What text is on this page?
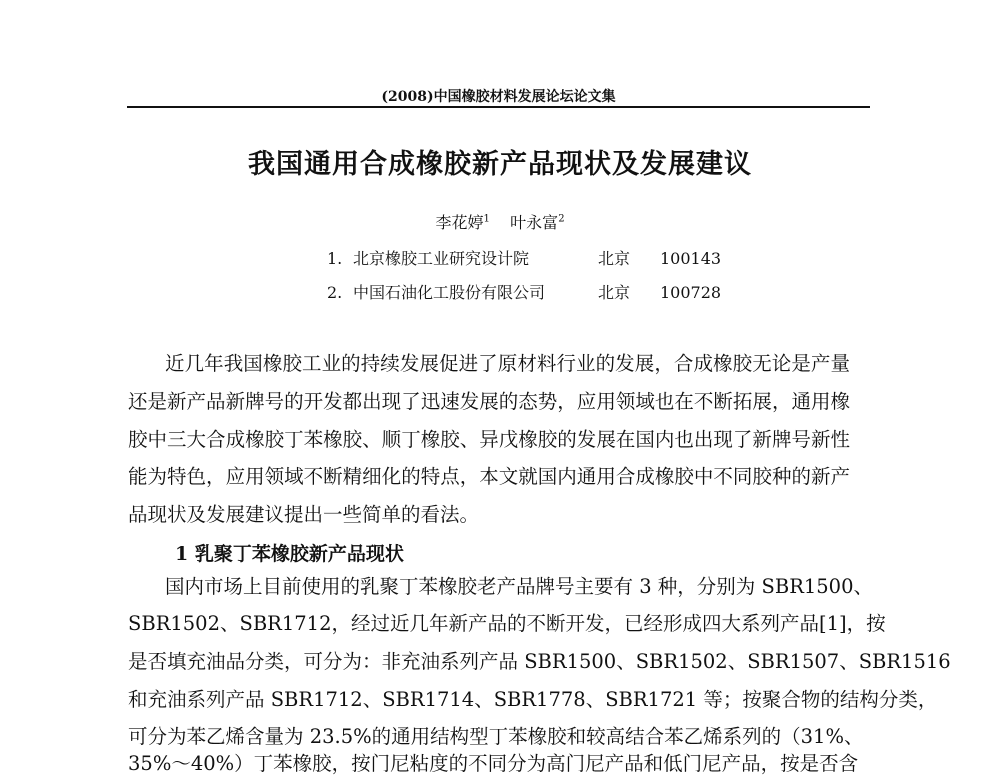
(2008)中国橡胶材料发展论坛论文集
我国通用合成橡胶新产品现状及发展建议
李花婷$^1$ 叶永富$^2$
1. 北京橡胶工业研究设计院	北京 100143
2. 中国石油化工股份有限公司	北京 100728
近几年我国橡胶工业的持续发展促进了原材料行业的发展，合成橡胶无论是产量
还是新产品新牌号的开发都出现了迅速发展的态势，应用领域也在不断拓展，通用橡
胶中三大合成橡胶丁苯橡胶、顺丁橡胶、异戊橡胶的发展在国内也出现了新牌号新性
能为特色，应用领域不断精细化的特点，本文就国内通用合成橡胶中不同胶种的新产
品现状及发展建议提出一些简单的看法。
1 乳聚丁苯橡胶新产品现状
国内市场上目前使用的乳聚丁苯橡胶老产品牌号主要有 3 种，分别为 SBR1500、
SBR1502、SBR1712，经过近几年新产品的不断开发，已经形成四大系列产品[1]，按
是否填充油品分类，可分为：非充油系列产品 SBR1500、SBR1502、SBR1507、SBR1516
和充油系列产品 SBR1712、SBR1714、SBR1778、SBR1721 等；按聚合物的结构分类，
可分为苯乙烯含量为 23.5%的通用结构型丁苯橡胶和较高结合苯乙烯系列的（31%、
35%～40%）丁苯橡胶，按门尼粘度的不同分为高门尼产品和低门尼产品，按是否含
